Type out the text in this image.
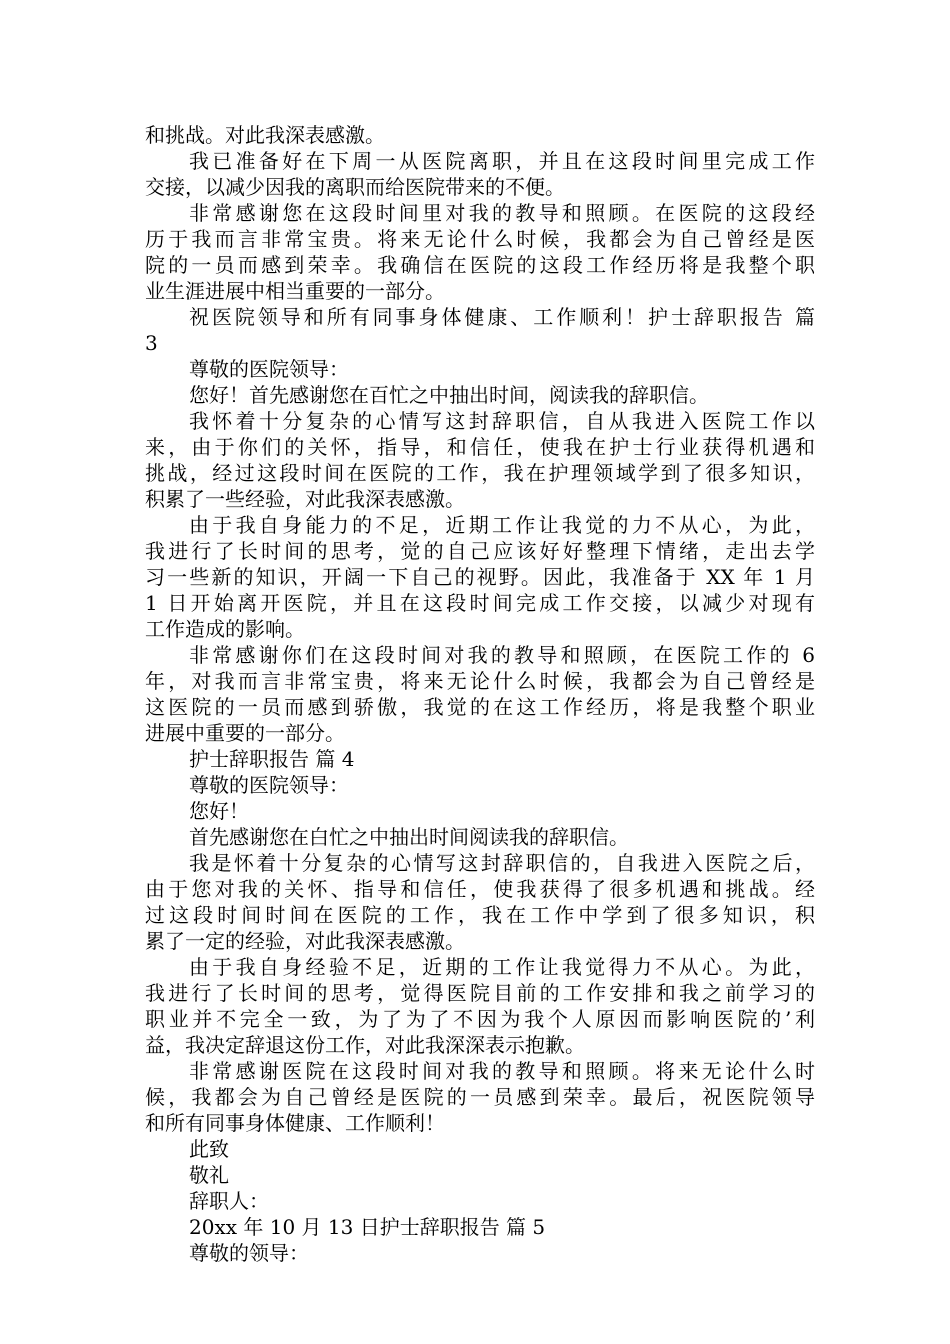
和挑战。对此我深表感激。
我已准备好在下周一从医院离职，并且在这段时间里完成工作
交接，以减少因我的离职而给医院带来的不便。
非常感谢您在这段时间里对我的教导和照顾。在医院的这段经
历于我而言非常宝贵。将来无论什么时候，我都会为自己曾经是医
院的一员而感到荣幸。我确信在医院的这段工作经历将是我整个职
业生涯进展中相当重要的一部分。
祝医院领导和所有同事身体健康、工作顺利！护士辞职报告 篇
3
尊敬的医院领导：
您好！首先感谢您在百忙之中抽出时间，阅读我的辞职信。
我怀着十分复杂的心情写这封辞职信，自从我进入医院工作以
来，由于你们的关怀，指导，和信任，使我在护士行业获得机遇和
挑战，经过这段时间在医院的工作，我在护理领域学到了很多知识，
积累了一些经验，对此我深表感激。
由于我自身能力的不足，近期工作让我觉的力不从心，为此，
我进行了长时间的思考，觉的自己应该好好整理下情绪，走出去学
习一些新的知识，开阔一下自己的视野。因此，我准备于 XX 年 1 月
1 日开始离开医院，并且在这段时间完成工作交接，以减少对现有
工作造成的影响。
非常感谢你们在这段时间对我的教导和照顾，在医院工作的 6
年，对我而言非常宝贵，将来无论什么时候，我都会为自己曾经是
这医院的一员而感到骄傲，我觉的在这工作经历，将是我整个职业
进展中重要的一部分。
护士辞职报告 篇 4
尊敬的医院领导：
您好！
首先感谢您在白忙之中抽出时间阅读我的辞职信。
我是怀着十分复杂的心情写这封辞职信的，自我进入医院之后，
由于您对我的关怀、指导和信任，使我获得了很多机遇和挑战。经
过这段时间时间在医院的工作，我在工作中学到了很多知识，积
累了一定的经验，对此我深表感激。
由于我自身经验不足，近期的工作让我觉得力不从心。为此，
我进行了长时间的思考，觉得医院目前的工作安排和我之前学习的
职业并不完全一致，为了为了不因为我个人原因而影响医院的’利
益，我决定辞退这份工作，对此我深深表示抱歉。
非常感谢医院在这段时间对我的教导和照顾。将来无论什么时
候，我都会为自己曾经是医院的一员感到荣幸。最后，祝医院领导
和所有同事身体健康、工作顺利！
此致
敬礼
辞职人：
20xx 年 10 月 13 日护士辞职报告 篇 5
尊敬的领导：
